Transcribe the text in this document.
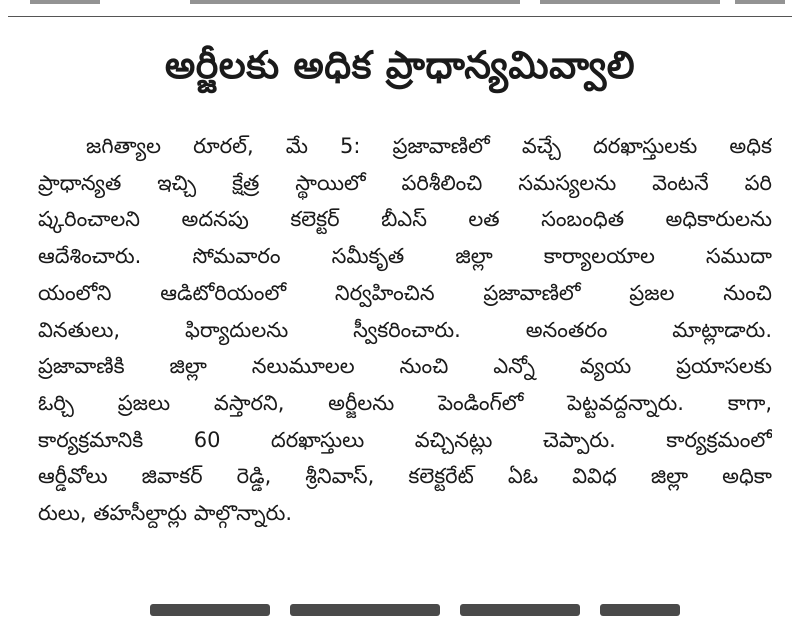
అర్జీలకు అధిక ప్రాధాన్యమివ్వాలి
జగిత్యాల రూరల్, మే 5: ప్రజావాణిలో వచ్చే దరఖాస్తులకు అధిక
ప్రాధాన్యత ఇచ్చి క్షేత్ర స్థాయిలో పరిశీలించి సమస్యలను వెంటనే పరి
ష్కరించాలని అదనపు కలెక్టర్ బీఎస్ లత సంబంధిత అధికారులను
ఆదేశించారు. సోమవారం సమీకృత జిల్లా కార్యాలయాల సముదా
యంలోని ఆడిటోరియంలో నిర్వహించిన ప్రజావాణిలో ప్రజల నుంచి
వినతులు, ఫిర్యాదులను స్వీకరించారు. అనంతరం మాట్లాడారు.
ప్రజావాణికి జిల్లా నలుమూలల నుంచి ఎన్నో వ్యయ ప్రయాసలకు
ఓర్చి ప్రజలు వస్తారని, అర్జీలను పెండింగ్‌లో పెట్టవద్దన్నారు. కాగా,
కార్యక్రమానికి 60 దరఖాస్తులు వచ్చినట్లు చెప్పారు. కార్యక్రమంలో
ఆర్డీవోలు జివాకర్ రెడ్డి, శ్రీనివాస్, కలెక్టరేట్ ఏఓ వివిధ జిల్లా అధికా
రులు, తహసీల్దార్లు పాల్గొన్నారు.
